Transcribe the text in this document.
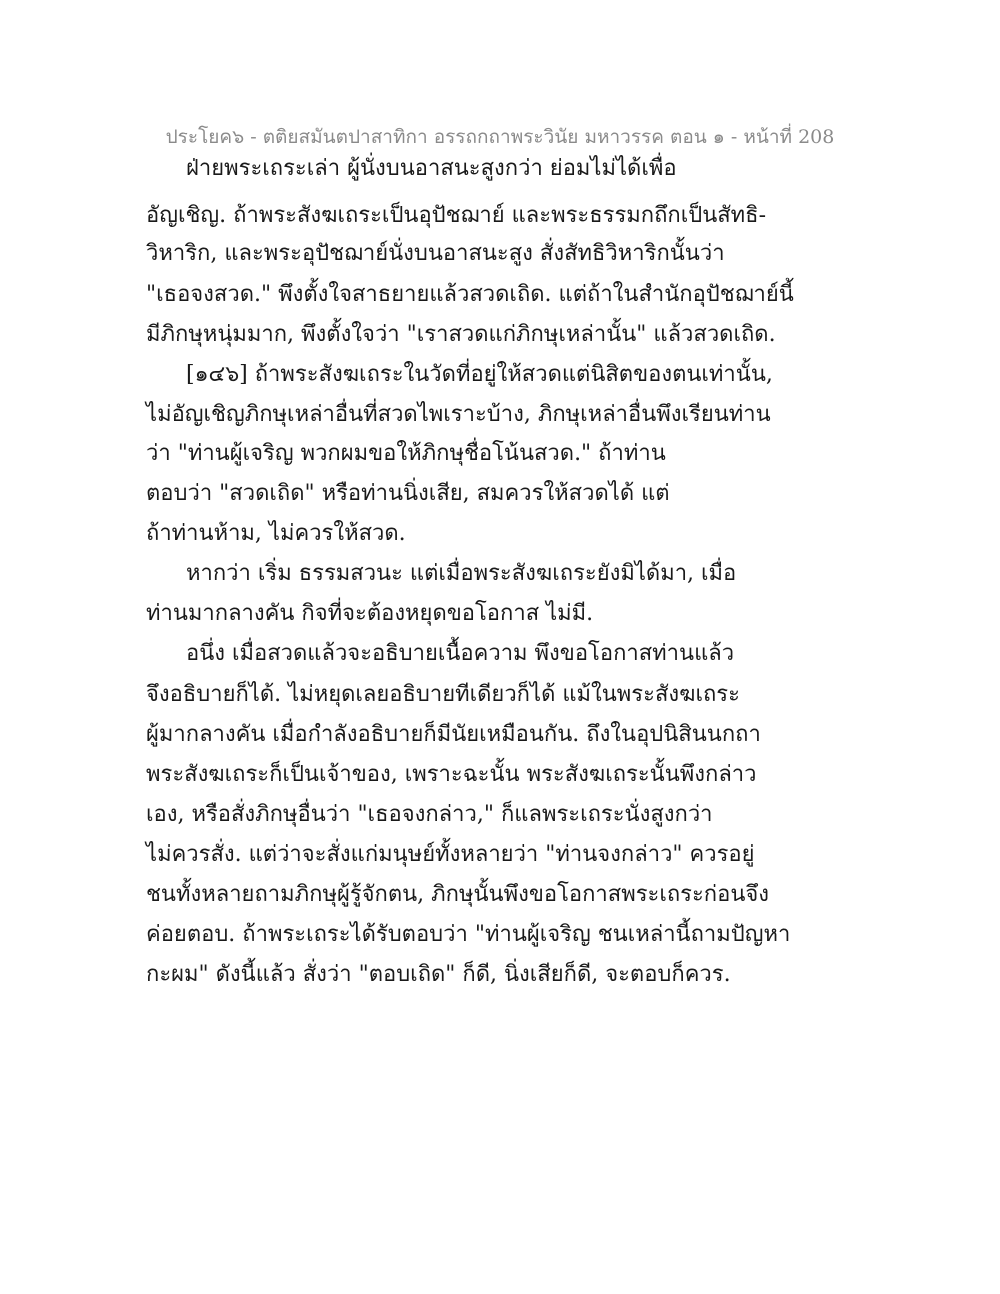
ประโยค๖ - ตติยสมันตปาสาทิกา อรรถกถาพระวินัย มหาวรรค ตอน ๑ - หน้าที่ 208
ฝ่ายพระเถระเล่า ผู้นั่งบนอาสนะสูงกว่า ย่อมไม่ได้เพื่อ
อัญเชิญ. ถ้าพระสังฆเถระเป็นอุปัชฌาย์ และพระธรรมกถึกเป็นสัทธิ-
วิหาริก, และพระอุปัชฌาย์นั่งบนอาสนะสูง สั่งสัทธิวิหาริกนั้นว่า
"เธอจงสวด." พึงตั้งใจสาธยายแล้วสวดเถิด. แต่ถ้าในสำนักอุปัชฌาย์นี้
มีภิกษุหนุ่มมาก, พึงตั้งใจว่า "เราสวดแก่ภิกษุเหล่านั้น" แล้วสวดเถิด.
[๑๔๖] ถ้าพระสังฆเถระในวัดที่อยู่ให้สวดแต่นิสิตของตนเท่านั้น,
ไม่อัญเชิญภิกษุเหล่าอื่นที่สวดไพเราะบ้าง, ภิกษุเหล่าอื่นพึงเรียนท่าน
ว่า "ท่านผู้เจริญ พวกผมขอให้ภิกษุชื่อโน้นสวด." ถ้าท่าน
ตอบว่า "สวดเถิด" หรือท่านนิ่งเสีย, สมควรให้สวดได้ แต่
ถ้าท่านห้าม, ไม่ควรให้สวด.
หากว่า เริ่ม ธรรมสวนะ แต่เมื่อพระสังฆเถระยังมิได้มา, เมื่อ
ท่านมากลางคัน กิจที่จะต้องหยุดขอโอกาส ไม่มี.
อนึ่ง เมื่อสวดแล้วจะอธิบายเนื้อความ พึงขอโอกาสท่านแล้ว
จึงอธิบายก็ได้. ไม่หยุดเลยอธิบายทีเดียวก็ได้ แม้ในพระสังฆเถระ
ผู้มากลางคัน เมื่อกำลังอธิบายก็มีนัยเหมือนกัน. ถึงในอุปนิสินนกถา
พระสังฆเถระก็เป็นเจ้าของ, เพราะฉะนั้น พระสังฆเถระนั้นพึงกล่าว
เอง, หรือสั่งภิกษุอื่นว่า "เธอจงกล่าว," ก็แลพระเถระนั่งสูงกว่า
ไม่ควรสั่ง. แต่ว่าจะสั่งแก่มนุษย์ทั้งหลายว่า "ท่านจงกล่าว" ควรอยู่
ชนทั้งหลายถามภิกษุผู้รู้จักตน, ภิกษุนั้นพึงขอโอกาสพระเถระก่อนจึง
ค่อยตอบ. ถ้าพระเถระได้รับตอบว่า "ท่านผู้เจริญ ชนเหล่านี้ถามปัญหา
กะผม" ดังนี้แล้ว สั่งว่า "ตอบเถิด" ก็ดี, นิ่งเสียก็ดี, จะตอบก็ควร.
